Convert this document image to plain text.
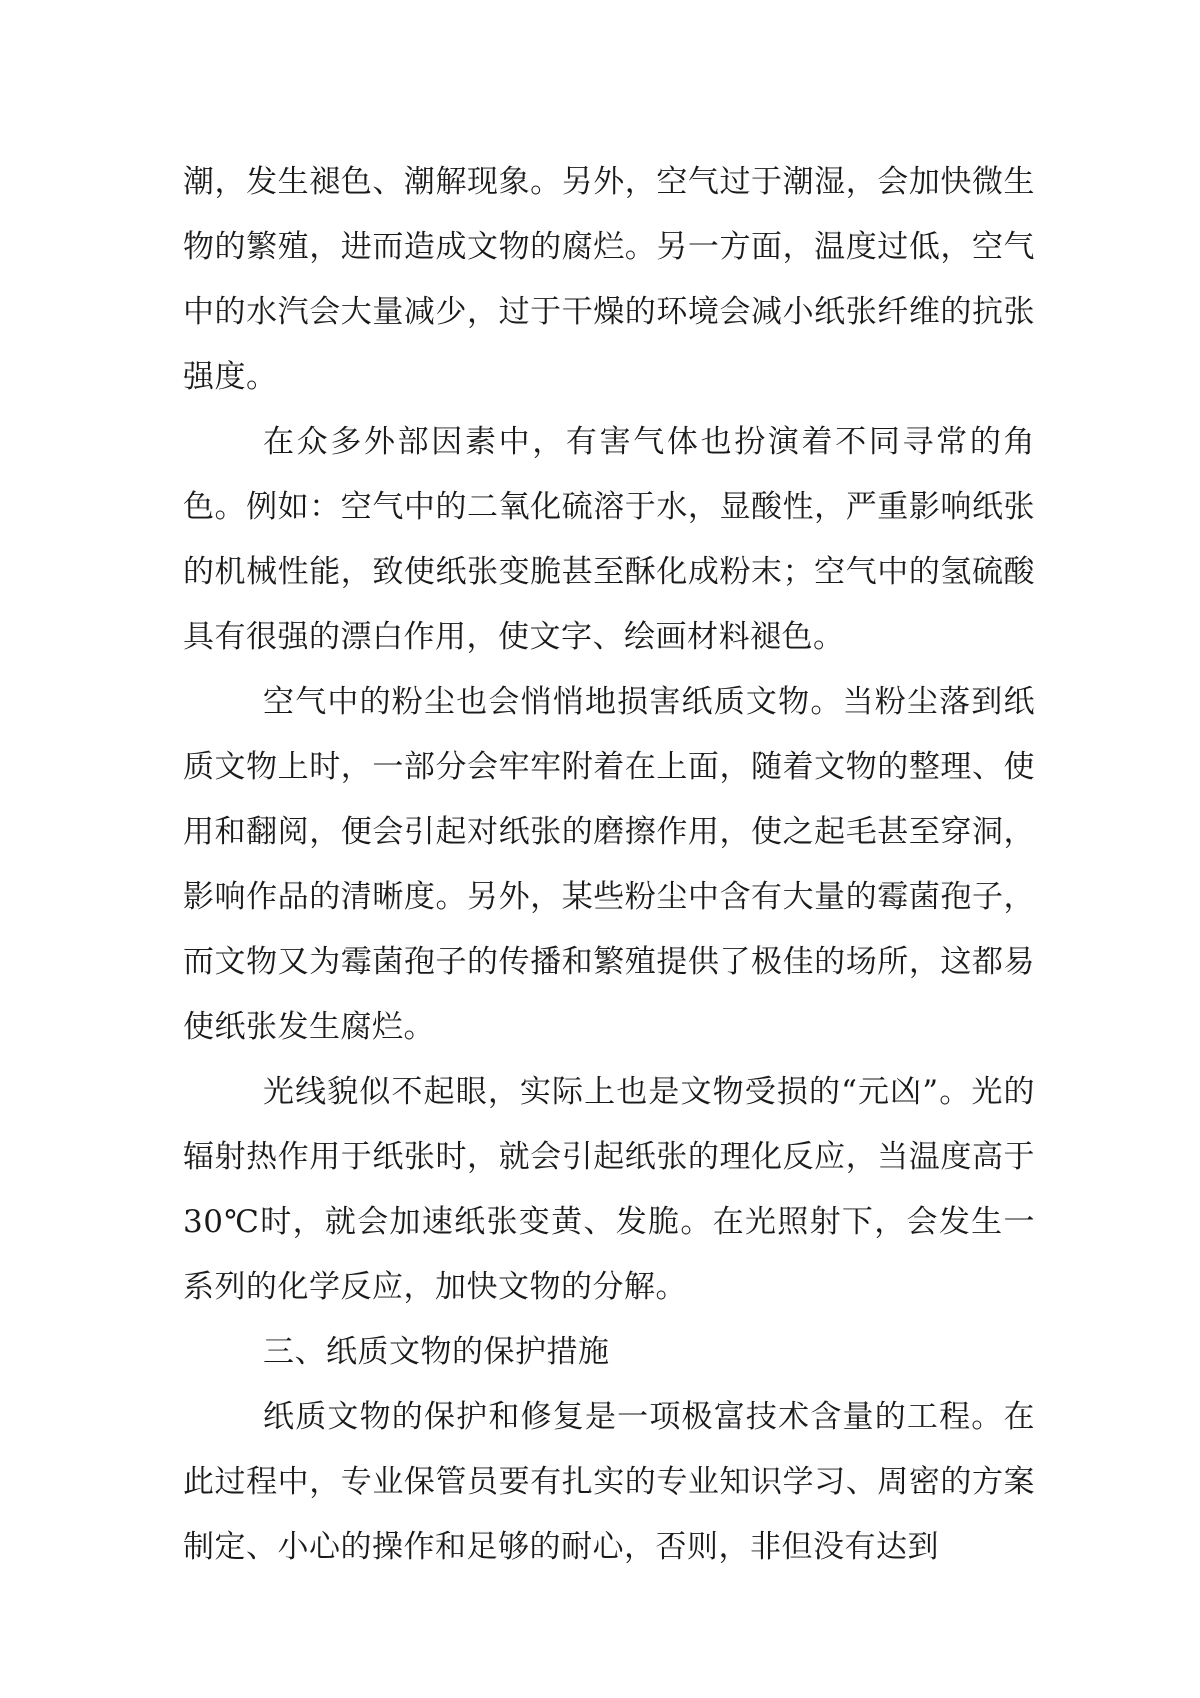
潮，发生褪色、潮解现象。另外，空气过于潮湿，会加快微生物的繁殖，进而造成文物的腐烂。另一方面，温度过低，空气中的水汽会大量减少，过于干燥的环境会减小纸张纤维的抗张强度。

在众多外部因素中，有害气体也扮演着不同寻常的角色。例如：空气中的二氧化硫溶于水，显酸性，严重影响纸张的机械性能，致使纸张变脆甚至酥化成粉末；空气中的氢硫酸具有很强的漂白作用，使文字、绘画材料褪色。

空气中的粉尘也会悄悄地损害纸质文物。当粉尘落到纸质文物上时，一部分会牢牢附着在上面，随着文物的整理、使用和翻阅，便会引起对纸张的磨擦作用，使之起毛甚至穿洞，影响作品的清晰度。另外，某些粉尘中含有大量的霉菌孢子，而文物又为霉菌孢子的传播和繁殖提供了极佳的场所，这都易使纸张发生腐烂。

光线貌似不起眼，实际上也是文物受损的“元凶”。光的辐射热作用于纸张时，就会引起纸张的理化反应，当温度高于 30℃时，就会加速纸张变黄、发脆。在光照射下，会发生一系列的化学反应，加快文物的分解。

三、纸质文物的保护措施

纸质文物的保护和修复是一项极富技术含量的工程。在此过程中，专业保管员要有扎实的专业知识学习、周密的方案制定、小心的操作和足够的耐心，否则，非但没有达到
